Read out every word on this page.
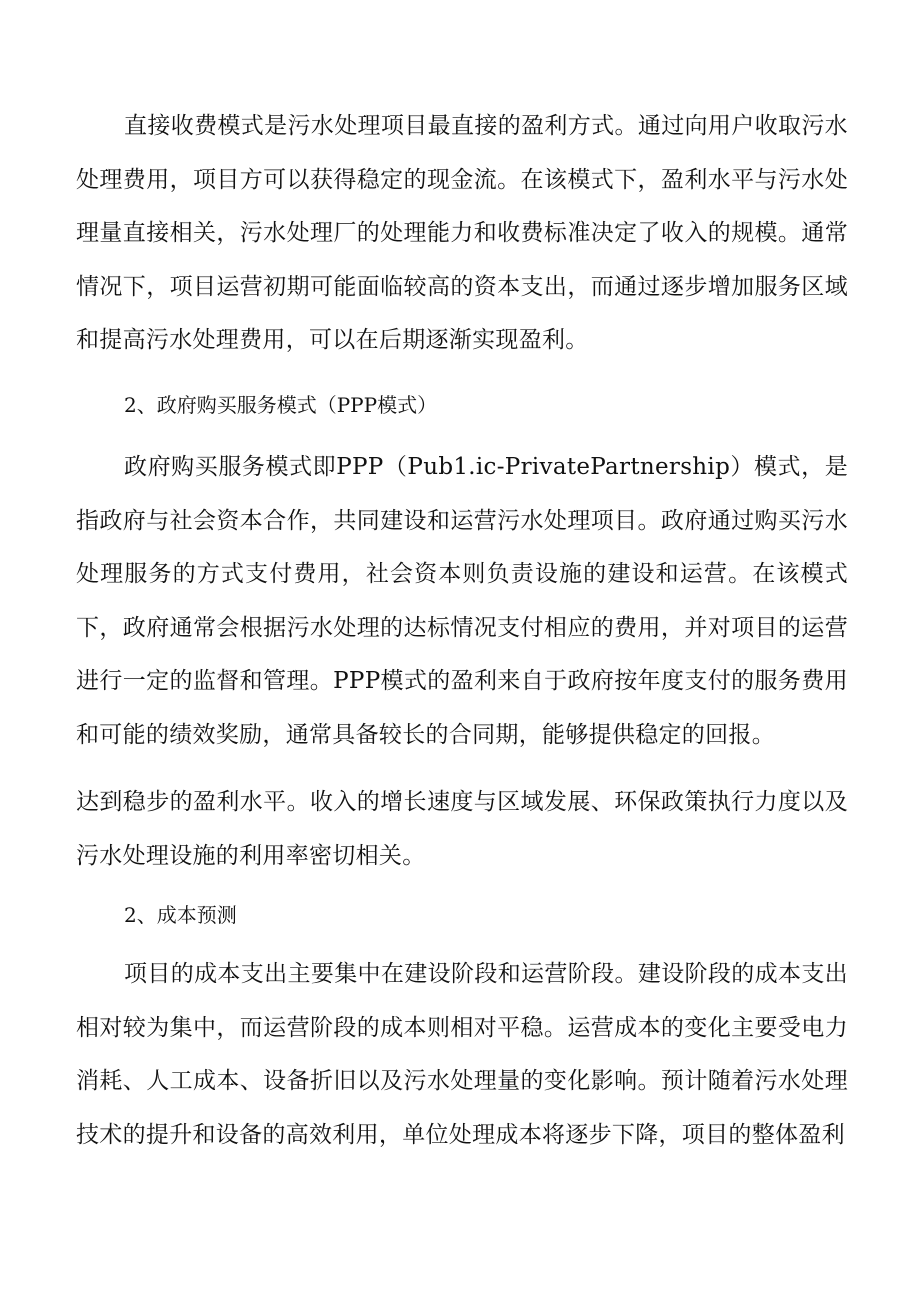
直接收费模式是污水处理项目最直接的盈利方式。通过向用户收取污水处理费用，项目方可以获得稳定的现金流。在该模式下，盈利水平与污水处理量直接相关，污水处理厂的处理能力和收费标准决定了收入的规模。通常情况下，项目运营初期可能面临较高的资本支出，而通过逐步增加服务区域和提高污水处理费用，可以在后期逐渐实现盈利。

2、政府购买服务模式（PPP模式）

政府购买服务模式即PPP（Pub1.ic-PrivatePartnership）模式，是指政府与社会资本合作，共同建设和运营污水处理项目。政府通过购买污水处理服务的方式支付费用，社会资本则负责设施的建设和运营。在该模式下，政府通常会根据污水处理的达标情况支付相应的费用，并对项目的运营进行一定的监督和管理。PPP模式的盈利来自于政府按年度支付的服务费用和可能的绩效奖励，通常具备较长的合同期，能够提供稳定的回报。

达到稳步的盈利水平。收入的增长速度与区域发展、环保政策执行力度以及污水处理设施的利用率密切相关。

2、成本预测

项目的成本支出主要集中在建设阶段和运营阶段。建设阶段的成本支出相对较为集中，而运营阶段的成本则相对平稳。运营成本的变化主要受电力消耗、人工成本、设备折旧以及污水处理量的变化影响。预计随着污水处理技术的提升和设备的高效利用，单位处理成本将逐步下降，项目的整体盈利
